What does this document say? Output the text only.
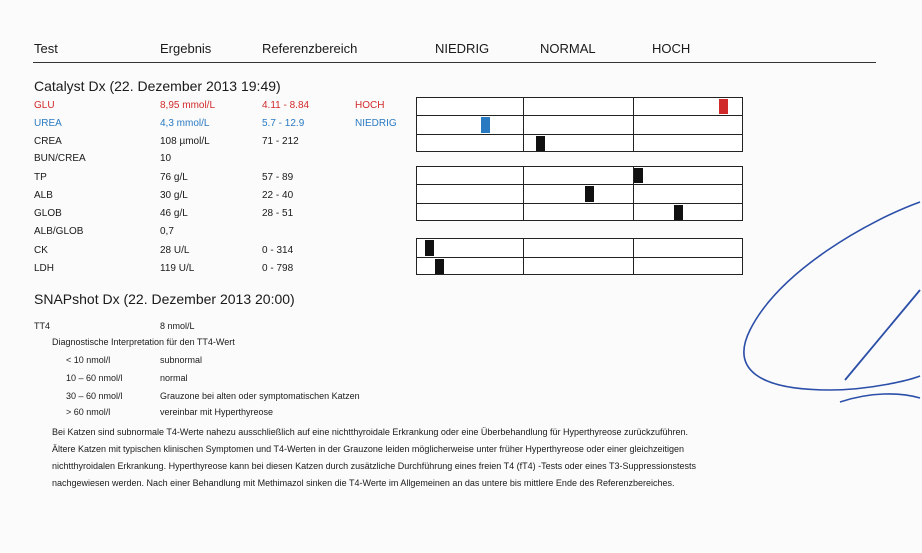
Test	Ergebnis	Referenzbereich	NIEDRIG	NORMAL	HOCH
Catalyst Dx (22. Dezember 2013 19:49)
GLU	8,95 mmol/L	4.11 - 8.84	HOCH
UREA	4,3 mmol/L	5.7 - 12.9	NIEDRIG
CREA	108 µmol/L	71 - 212
BUN/CREA	10
TP	76 g/L	57 - 89
ALB	30 g/L	22 - 40
GLOB	46 g/L	28 - 51
ALB/GLOB	0,7
CK	28 U/L	0 - 314
LDH	119 U/L	0 - 798
SNAPshot Dx (22. Dezember 2013 20:00)
TT4	8 nmol/L
Diagnostische Interpretation für den TT4-Wert
< 10 nmol/l	subnormal
10 – 60 nmol/l	normal
30 – 60 nmol/l	Grauzone bei alten oder symptomatischen Katzen
> 60 nmol/l	vereinbar mit Hyperthyreose
Bei Katzen sind subnormale T4-Werte nahezu ausschließlich auf eine nichtthyroidale Erkrankung oder eine Überbehandlung für Hyperthyreose zurückzuführen. Ältere Katzen mit typischen klinischen Symptomen und T4-Werten in der Grauzone leiden möglicherweise unter früher Hyperthyreose oder einer gleichzeitigen nichtthyroidalen Erkrankung. Hyperthyreose kann bei diesen Katzen durch zusätzliche Durchführung eines freien T4 (fT4) -Tests oder eines T3-Suppressionstests nachgewiesen werden. Nach einer Behandlung mit Methimazol sinken die T4-Werte im Allgemeinen an das untere bis mittlere Ende des Referenzbereiches.
